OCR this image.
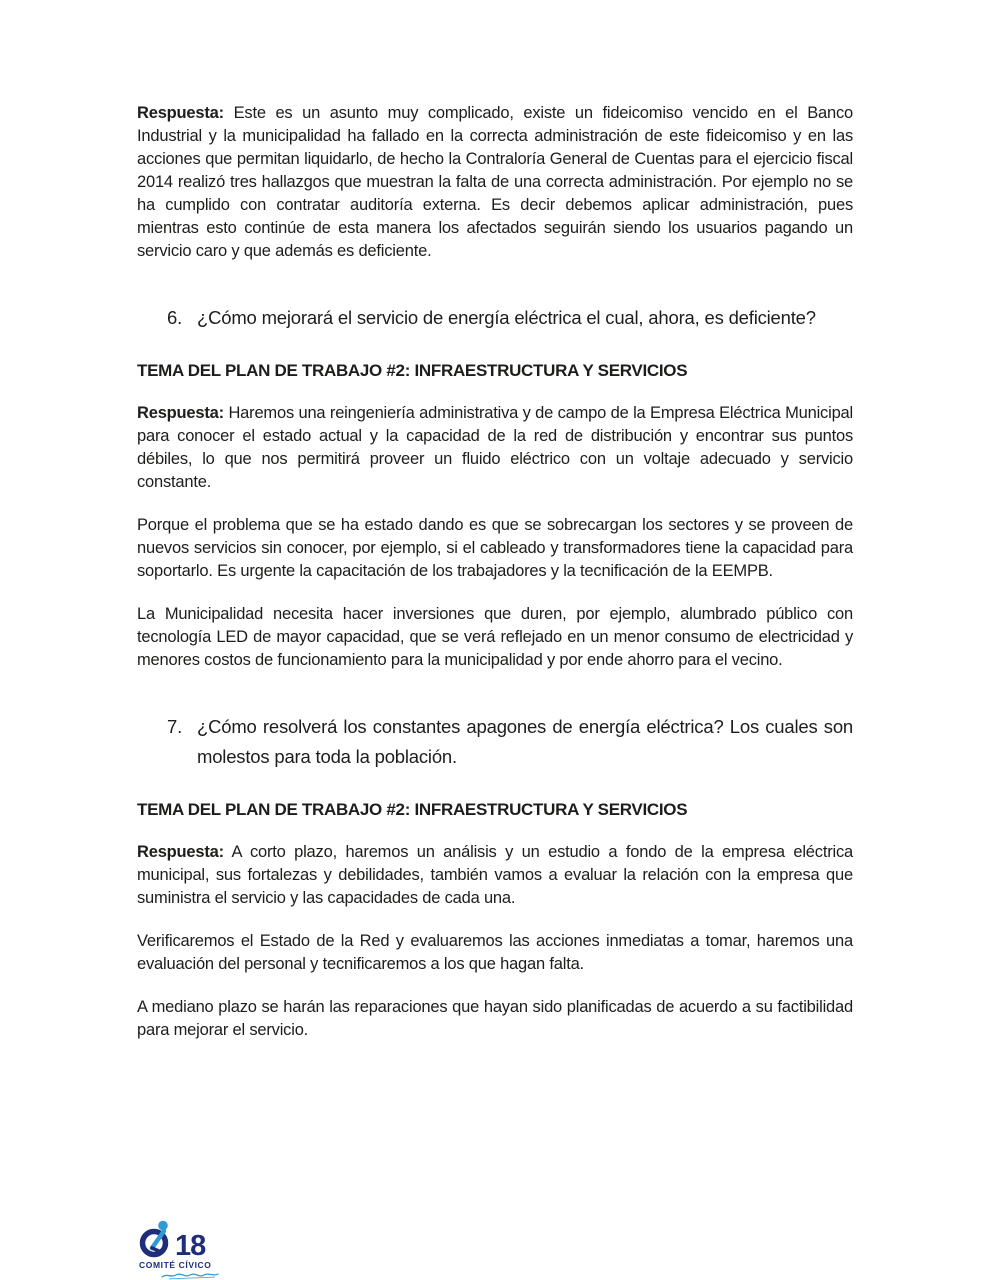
Respuesta: Este es un asunto muy complicado, existe un fideicomiso vencido en el Banco Industrial y la municipalidad ha fallado en la correcta administración de este fideicomiso y en las acciones que permitan liquidarlo, de hecho la Contraloría General de Cuentas para el ejercicio fiscal 2014 realizó tres hallazgos que muestran la falta de una correcta administración. Por ejemplo no se ha cumplido con contratar auditoría externa. Es decir debemos aplicar administración, pues mientras esto continúe de esta manera los afectados seguirán siendo los usuarios pagando un servicio caro y que además es deficiente.

6. ¿Cómo mejorará el servicio de energía eléctrica el cual, ahora, es deficiente?
TEMA DEL PLAN DE TRABAJO #2: INFRAESTRUCTURA Y SERVICIOS

Respuesta: Haremos una reingeniería administrativa y de campo de la Empresa Eléctrica Municipal para conocer el estado actual y la capacidad de la red de distribución y encontrar sus puntos débiles, lo que nos permitirá proveer un fluido eléctrico con un voltaje adecuado y servicio constante.

Porque el problema que se ha estado dando es que se sobrecargan los sectores y se proveen de nuevos servicios sin conocer, por ejemplo, si el cableado y transformadores tiene la capacidad para soportarlo. Es urgente la capacitación de los trabajadores y la tecnificación de la EEMPB.

La Municipalidad necesita hacer inversiones que duren, por ejemplo, alumbrado público con tecnología LED de mayor capacidad, que se verá reflejado en un menor consumo de electricidad y menores costos de funcionamiento para la municipalidad y por ende ahorro para el vecino.

7. ¿Cómo resolverá los constantes apagones de energía eléctrica? Los cuales son molestos para toda la población.
TEMA DEL PLAN DE TRABAJO #2: INFRAESTRUCTURA Y SERVICIOS

Respuesta: A corto plazo, haremos un análisis y un estudio a fondo de la empresa eléctrica municipal, sus fortalezas y debilidades, también vamos a evaluar la relación con la empresa que suministra el servicio y las capacidades de cada una.

Verificaremos el Estado de la Red y evaluaremos las acciones inmediatas a tomar, haremos una evaluación del personal y tecnificaremos a los que hagan falta.

A mediano plazo se harán las reparaciones que hayan sido planificadas de acuerdo a su factibilidad para mejorar el servicio.

18
COMITÉ CÍVICO
